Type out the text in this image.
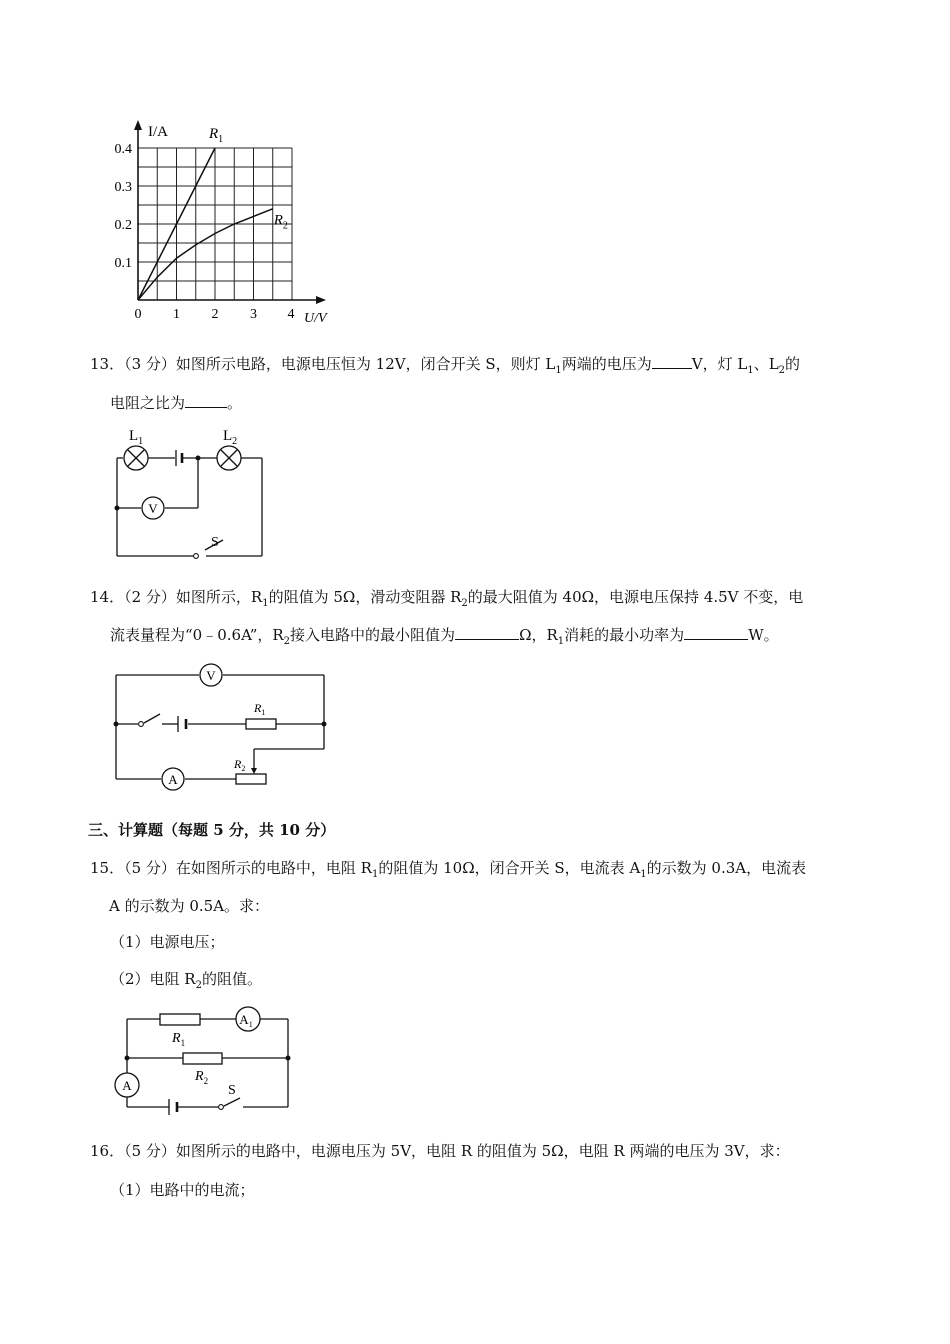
0.1
0.2
0.3
0.4
0 1 2 3 4
I/A
U/V
$R_1$
$R_2$
13．（3 分）如图所示电路，电源电压恒为 12V，闭合开关 S，则灯 $L_1$两端的电压为	V，灯 $L_1$、$L_2$的
电阻之比为	。
V
$L_1$	$L_2$
S
14．（2 分）如图所示，$R_1$的阻值为 5Ω，滑动变阻器 $R_2$的最大阻值为 40Ω，电源电压保持 4.5V 不变，电
流表量程为“0﹣0.6A”，$R_2$接入电路中的最小阻值为	Ω，$R_1$消耗的最小功率为	W。
V
A
$R_1$
$R_2$
三、计算题（每题 5 分，共 10 分）
15．（5 分）在如图所示的电路中，电阻 $R_1$的阻值为 10Ω，闭合开关 S，电流表 $A_1$的示数为 0.3A，电流表
A 的示数为 0.5A。求：
（1）电源电压；
（2）电阻 $R_2$的阻值。
$A_1$
A
$R_1$
$R_2$
S
16．（5 分）如图所示的电路中，电源电压为 5V，电阻 R 的阻值为 5Ω，电阻 R 两端的电压为 3V，求：
（1）电路中的电流；
